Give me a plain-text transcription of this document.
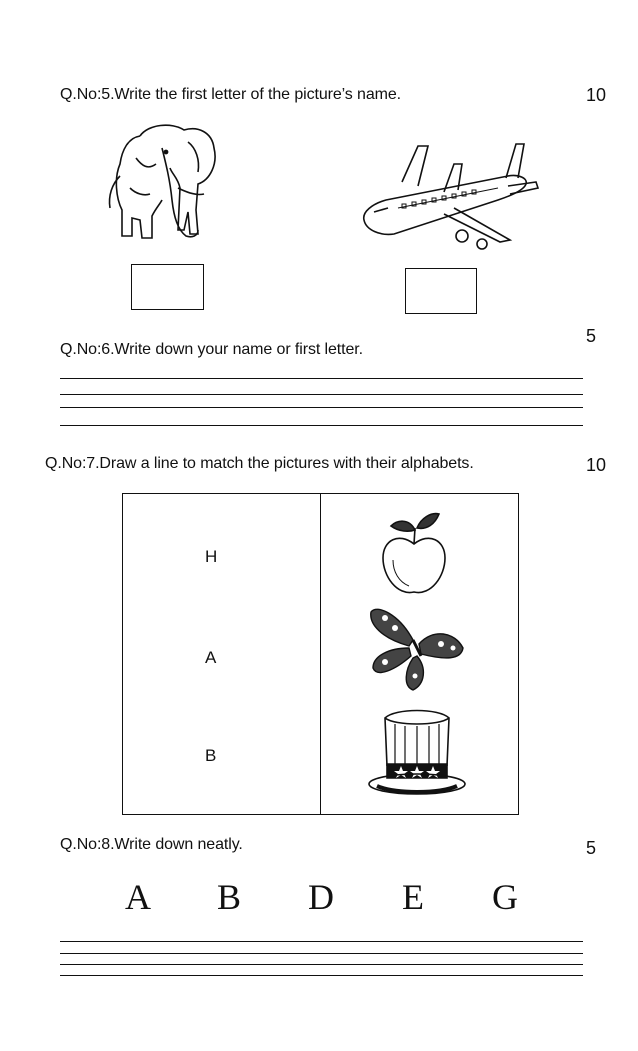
Q.No:5.Write the first letter of the picture’s name.	10
5
Q.No:6.Write down your name or first letter.
Q.No:7.Draw a line to match the pictures with their alphabets.	10
H
A
B
Q.No:8.Write down neatly.	5
A B D E G
